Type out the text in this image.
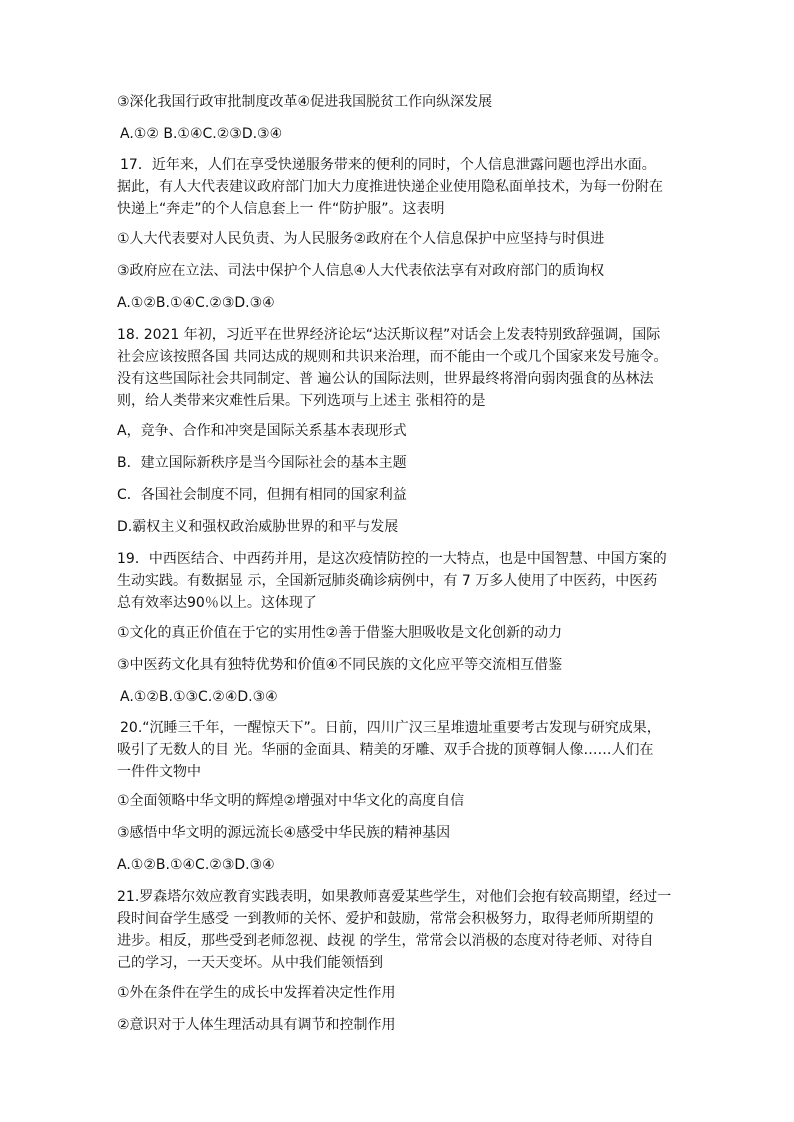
③深化我国行政审批制度改革④促进我国脱贫工作向纵深发展
A.①② B.①④C.②③D.③④
17．近年来，人们在享受快递服务带来的便利的同时，个人信息泄露问题也浮出水面。
据此，有人大代表建议政府部门加大力度推进快递企业使用隐私面单技术，为每一份附在
快递上“奔走”的个人信息套上一 件“防护服”。这表明
①人大代表要对人民负责、为人民服务②政府在个人信息保护中应坚持与时俱进
③政府应在立法、司法中保护个人信息④人大代表依法享有对政府部门的质询权
A.①②B.①④C.②③D.③④
18. 2021 年初，习近平在世界经济论坛“达沃斯议程”对话会上发表特别致辞强调，国际
社会应该按照各国 共同达成的规则和共识来治理，而不能由一个或几个国家来发号施令。
没有这些国际社会共同制定、普 遍公认的国际法则，世界最终将滑向弱肉强食的丛林法
则，给人类带来灾难性后果。下列选项与上述主 张相符的是
A，竞争、合作和冲突是国际关系基本表现形式
B．建立国际新秩序是当今国际社会的基本主题
C．各国社会制度不同，但拥有相同的国家利益
D.霸权主义和强权政治威胁世界的和平与发展
19．中西医结合、中西药并用，是这次疫情防控的一大特点，也是中国智慧、中国方案的
生动实践。有数据显 示，全国新冠肺炎确诊病例中，有 7 万多人使用了中医药，中医药
总有效率达90％以上。这体现了
①文化的真正价值在于它的实用性②善于借鉴大胆吸收是文化创新的动力
③中医药文化具有独特优势和价值④不同民族的文化应平等交流相互借鉴
A.①②B.①③C.②④D.③④
20.“沉睡三千年，一醒惊天下”。日前，四川广汉三星堆遗址重要考古发现与研究成果，
吸引了无数人的目 光。华丽的金面具、精美的牙雕、双手合拢的顶尊铜人像……人们在
一件件文物中
①全面领略中华文明的辉煌②增强对中华文化的高度自信
③感悟中华文明的源远流长④感受中华民族的精神基因
A.①②B.①④C.②③D.③④
21.罗森塔尔效应教育实践表明，如果教师喜爱某些学生，对他们会抱有较高期望，经过一
段时间奋学生感受 一到教师的关怀、爱护和鼓励，常常会积极努力，取得老师所期望的
进步。相反，那些受到老师忽视、歧视 的学生，常常会以消极的态度对待老师、对待自
己的学习，一天天变坏。从中我们能领悟到
①外在条件在学生的成长中发挥着决定性作用
②意识对于人体生理活动具有调节和控制作用
